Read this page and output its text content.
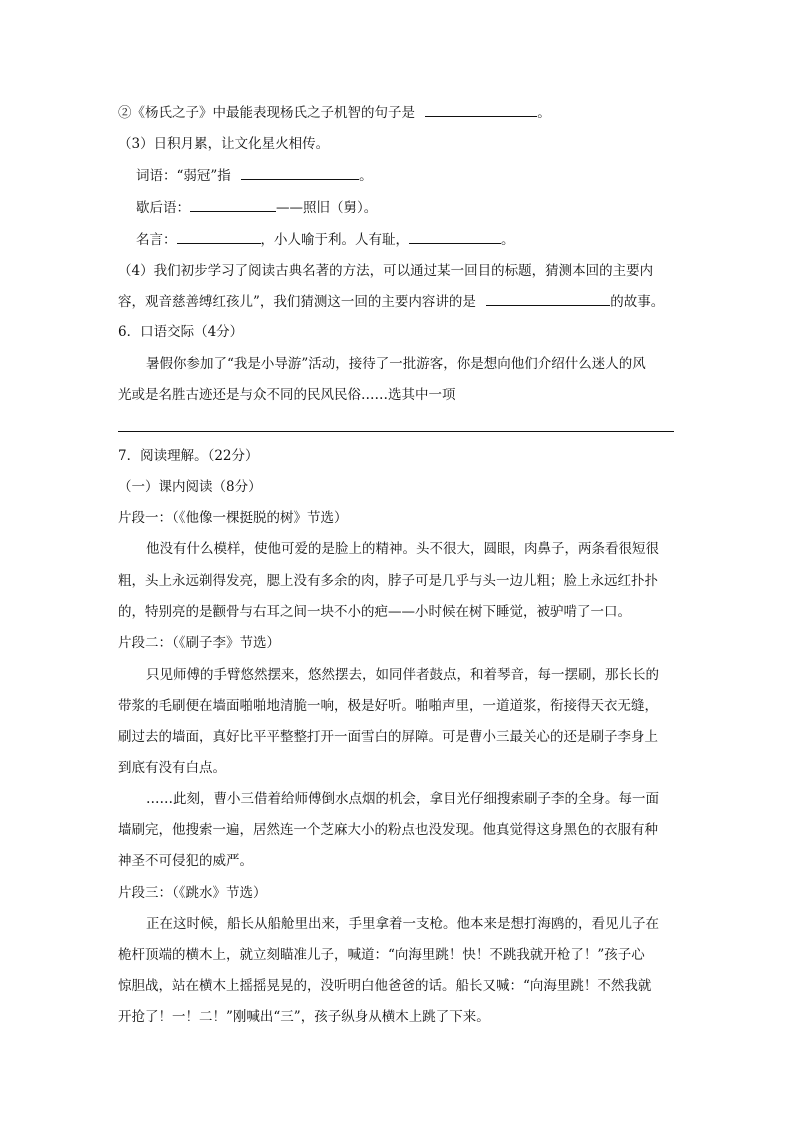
②《杨氏之子》中最能表现杨氏之子机智的句子是	。
（3）日积月累，让文化星火相传。
词语：“弱冠”指	。
歇后语：	——照旧（舅）。
名言：	，小人喻于利。人有耻，	。
（4）我们初步学习了阅读古典名著的方法，可以通过某一回目的标题，猜测本回的主要内
容，观音慈善缚红孩儿”，我们猜测这一回的主要内容讲的是	的故事。
6．口语交际（4分）
暑假你参加了“我是小导游”活动，接待了一批游客，你是想向他们介绍什么迷人的风
光或是名胜古迹还是与众不同的民风民俗……选其中一项
7．阅读理解。（22分）
（一）课内阅读（8分）
片段一：（《他像一棵挺脱的树》节选）
他没有什么模样，使他可爱的是脸上的精神。头不很大，圆眼，肉鼻子，两条看很短很
粗，头上永远剃得发亮，腮上没有多余的肉，脖子可是几乎与头一边儿粗；脸上永远红扑扑
的，特别亮的是颧骨与右耳之间一块不小的疤——小时候在树下睡觉，被驴啃了一口。
片段二：（《刷子李》节选）
只见师傅的手臂悠然摆来，悠然摆去，如同伴者鼓点，和着琴音，每一摆刷，那长长的
带浆的毛刷便在墙面啪啪地清脆一响，极是好听。啪啪声里，一道道浆，衔接得天衣无缝，
刷过去的墙面，真好比平平整整打开一面雪白的屏障。可是曹小三最关心的还是刷子李身上
到底有没有白点。
……此刻，曹小三借着给师傅倒水点烟的机会，拿目光仔细搜索刷子李的全身。每一面
墙刷完，他搜索一遍，居然连一个芝麻大小的粉点也没发现。他真觉得这身黑色的衣服有种
神圣不可侵犯的威严。
片段三：（《跳水》节选）
正在这时候，船长从船舱里出来，手里拿着一支枪。他本来是想打海鸥的，看见儿子在
桅杆顶端的横木上，就立刻瞄准儿子，喊道：“向海里跳！快！不跳我就开枪了！”孩子心
惊胆战，站在横木上摇摇晃晃的，没听明白他爸爸的话。船长又喊：“向海里跳！不然我就
开抢了！一！二！”刚喊出“三”，孩子纵身从横木上跳了下来。
